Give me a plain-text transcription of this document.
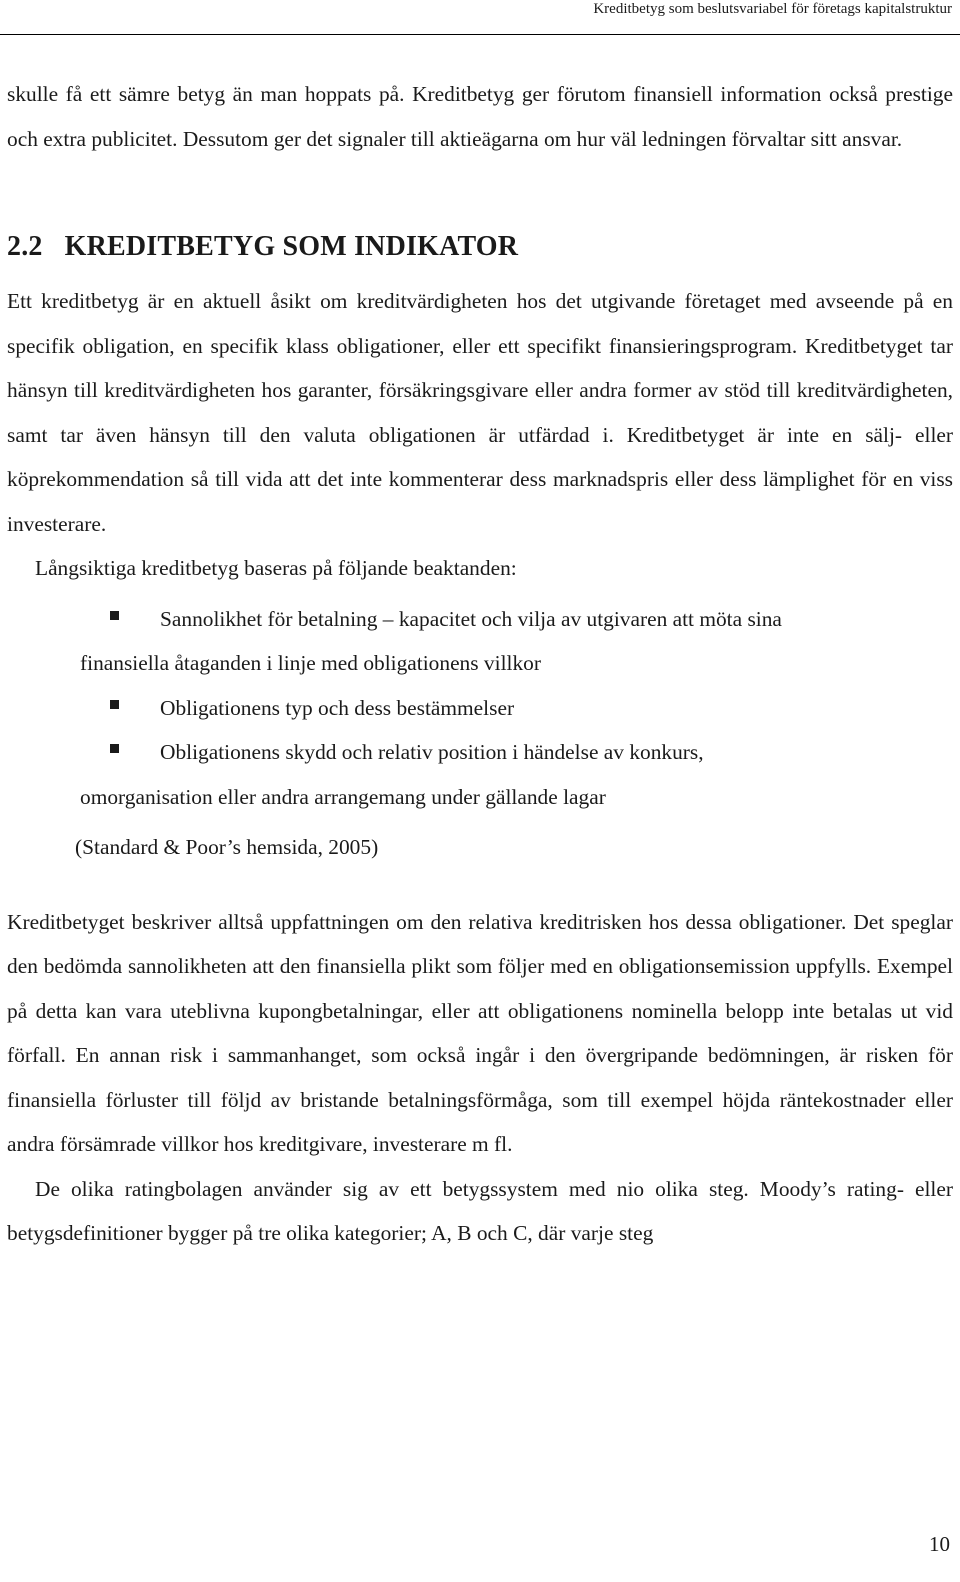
Kreditbetyg som beslutsvariabel för företags kapitalstruktur

skulle få ett sämre betyg än man hoppats på. Kreditbetyg ger förutom finansiell information också prestige och extra publicitet. Dessutom ger det signaler till aktieägarna om hur väl ledningen förvaltar sitt ansvar.

2.2 KREDITBETYG SOM INDIKATOR

Ett kreditbetyg är en aktuell åsikt om kreditvärdigheten hos det utgivande företaget med avseende på en specifik obligation, en specifik klass obligationer, eller ett specifikt finansieringsprogram. Kreditbetyget tar hänsyn till kreditvärdigheten hos garanter, försäkringsgivare eller andra former av stöd till kreditvärdigheten, samt tar även hänsyn till den valuta obligationen är utfärdad i. Kreditbetyget är inte en sälj- eller köprekommendation så till vida att det inte kommenterar dess marknadspris eller dess lämplighet för en viss investerare.

Långsiktiga kreditbetyg baseras på följande beaktanden:

Sannolikhet för betalning – kapacitet och vilja av utgivaren att möta sina
finansiella åtaganden i linje med obligationens villkor
Obligationens typ och dess bestämmelser
Obligationens skydd och relativ position i händelse av konkurs,
omorganisation eller andra arrangemang under gällande lagar
(Standard & Poor’s hemsida, 2005)

Kreditbetyget beskriver alltså uppfattningen om den relativa kreditrisken hos dessa obligationer. Det speglar den bedömda sannolikheten att den finansiella plikt som följer med en obligationsemission uppfylls. Exempel på detta kan vara uteblivna kupongbetalningar, eller att obligationens nominella belopp inte betalas ut vid förfall. En annan risk i sammanhanget, som också ingår i den övergripande bedömningen, är risken för finansiella förluster till följd av bristande betalningsförmåga, som till exempel höjda räntekostnader eller andra försämrade villkor hos kreditgivare, investerare m fl.

De olika ratingbolagen använder sig av ett betygssystem med nio olika steg. Moody’s rating- eller betygsdefinitioner bygger på tre olika kategorier; A, B och C, där varje steg

10
